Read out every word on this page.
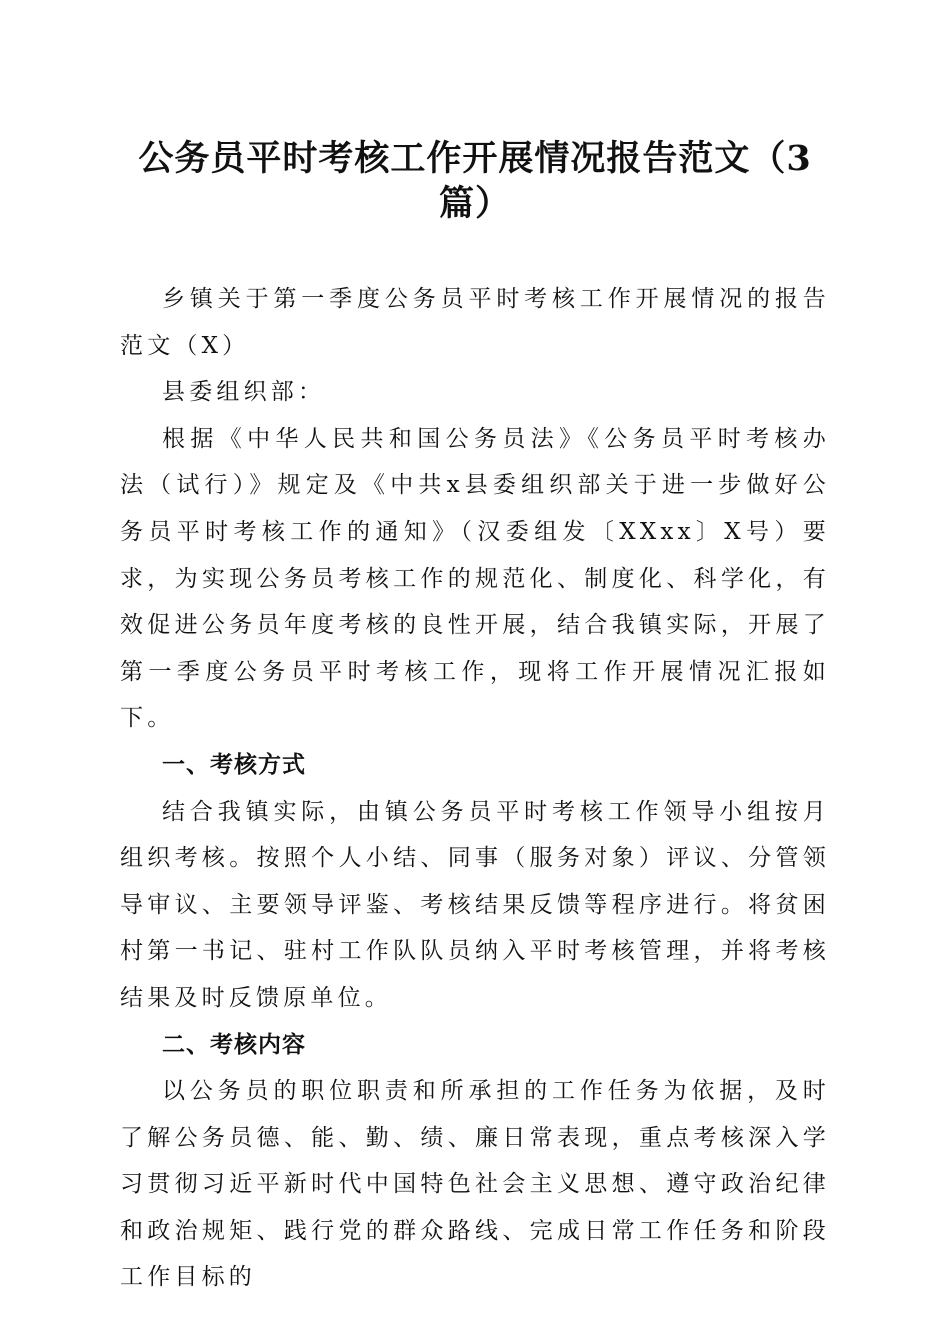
公务员平时考核工作开展情况报告范文（3篇）

乡镇关于第一季度公务员平时考核工作开展情况的报告范文（X）

县委组织部：

根据《中华人民共和国公务员法》《公务员平时考核办法（试行）》规定及《中共x县委组织部关于进一步做好公务员平时考核工作的通知》（汉委组发〔XXxx〕X号）要求，为实现公务员考核工作的规范化、制度化、科学化，有效促进公务员年度考核的良性开展，结合我镇实际，开展了第一季度公务员平时考核工作，现将工作开展情况汇报如下。

一、考核方式

结合我镇实际，由镇公务员平时考核工作领导小组按月组织考核。按照个人小结、同事（服务对象）评议、分管领导审议、主要领导评鉴、考核结果反馈等程序进行。将贫困村第一书记、驻村工作队队员纳入平时考核管理，并将考核结果及时反馈原单位。

二、考核内容

以公务员的职位职责和所承担的工作任务为依据，及时了解公务员德、能、勤、绩、廉日常表现，重点考核深入学习贯彻习近平新时代中国特色社会主义思想、遵守政治纪律和政治规矩、践行党的群众路线、完成日常工作任务和阶段工作目标的
